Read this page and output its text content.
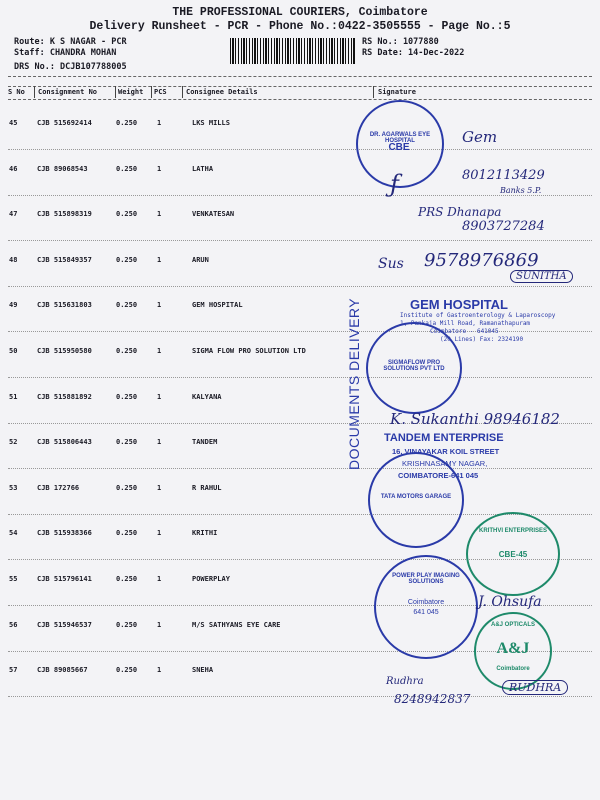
THE PROFESSIONAL COURIERS, Coimbatore
Delivery Runsheet - PCR - Phone No.:0422-3505555 - Page No.:5
Route: K S NAGAR - PCR
Staff: CHANDRA MOHAN
DRS No.: DCJB107788005
RS No.: 1077880
RS Date: 14-Dec-2022
S No Consignment No	Weight PCS	Consignee Details	Signature
45	CJB 515692414	0.250	1	LKS MILLS
46	CJB 89068543	0.250	1	LATHA
47	CJB 515898319	0.250	1	VENKATESAN
48	CJB 515849357	0.250	1	ARUN
49	CJB 515631803	0.250	1	GEM HOSPITAL
50	CJB 515950580	0.250	1	SIGMA FLOW PRO SOLUTION LTD
51	CJB 515881892	0.250	1	KALYANA
52	CJB 515806443	0.250	1	TANDEM
53	CJB 172766	0.250	1	R RAHUL
54	CJB 515938366	0.250	1	KRITHI
55	CJB 515796141	0.250	1	POWERPLAY
56	CJB 515946537	0.250	1	M/S SATHYANS EYE CARE
57	CJB 89085667	0.250	1	SNEHA
DR. AGARWALS EYE HOSPITAL
CBE
Gem
ƒ	8012113429
Banks 5.P.
PRS Dhanapa
8903727284
Sus 9578976869
SUNITHA
GEM HOSPITAL
Institute of Gastroenterology & Laparoscopy
1, Pankaja Mill Road, Ramanathapuram
Coimbatore - 641045
(20 Lines) Fax: 2324190
DOCUMENTS DELIVERY	SIGMAFLOW PRO SOLUTIONS PVT LTD
K. Sukanthi 98946182
TANDEM ENTERPRISE
16, VINAYAKAR KOIL STREET
KRISHNASAMY NAGAR,
COIMBATORE-641 045
TATA MOTORS GARAGE
KRITHVI ENTERPRISES
CBE-45
POWER PLAY IMAGING SOLUTIONS
Coimbatore
641 045
J. Ohsufa
A&J OPTICALS
A&J
Coimbatore
Rudhra
8248942837
RUDHRA
